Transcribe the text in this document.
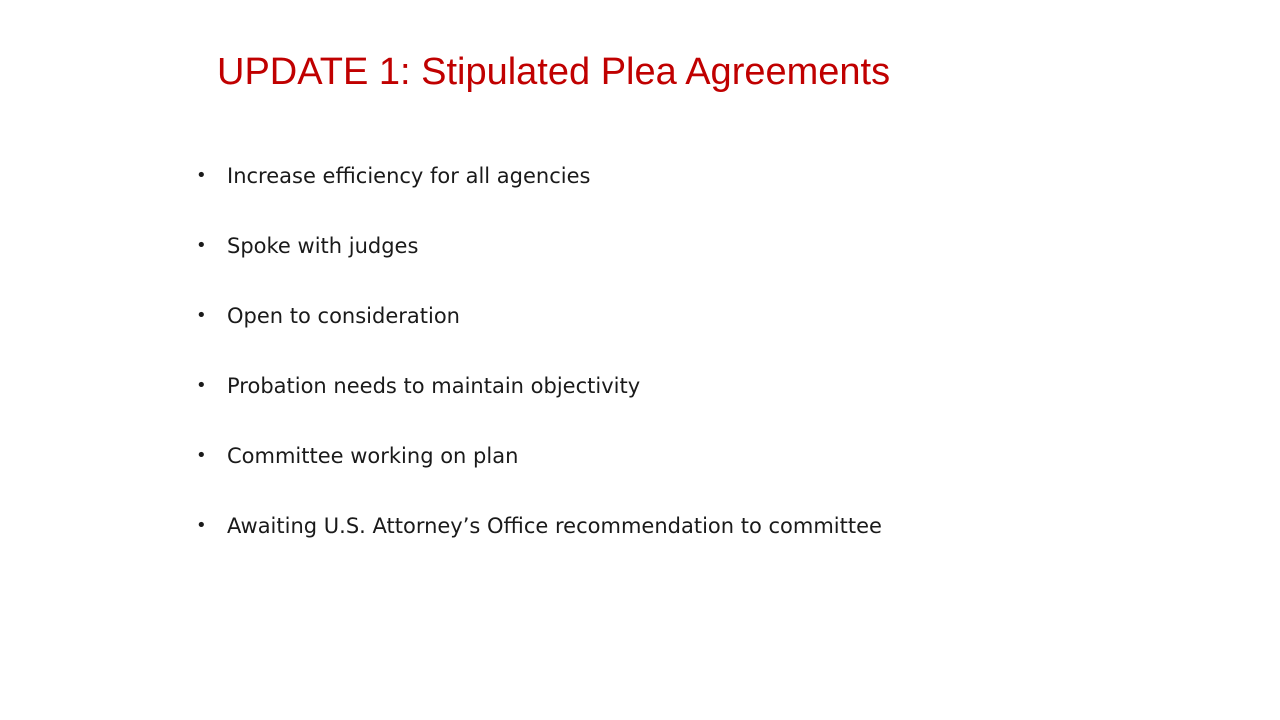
UPDATE 1: Stipulated Plea Agreements
• Increase efficiency for all agencies
• Spoke with judges
• Open to consideration
• Probation needs to maintain objectivity
• Committee working on plan
• Awaiting U.S. Attorney’s Office recommendation to committee
